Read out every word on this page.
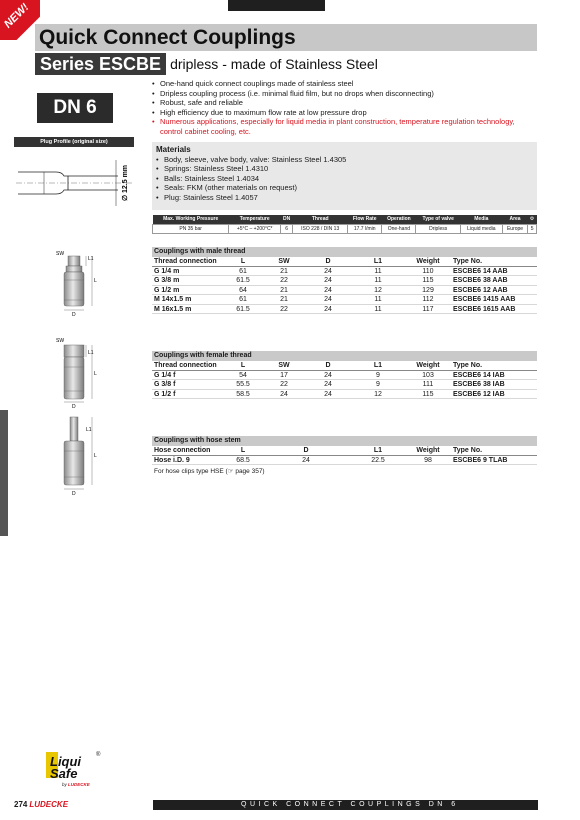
NEW!
Quick Connect Couplings
Series ESCBE dripless - made of Stainless Steel
DN 6
Plug Profile (original size)
∅ 12.5 mm
• One-hand quick connect couplings made of stainless steel
• Dripless coupling process (i.e. minimal fluid film, but no drops when disconnecting)
• Robust, safe and reliable
• High efficiency due to maximum flow rate at low pressure drop
• Numerous applications, especially for liquid media in plant construction, temperature regulation technology, control cabinet cooling, etc.
Materials
• Body, sleeve, valve body, valve: Stainless Steel 1.4305
• Springs: Stainless Steel 1.4310
• Balls: Stainless Steel 1.4034
• Seals: FKM (other materials on request)
• Plug: Stainless Steel 1.4057
Max. Working Pressure	Temperature	DN	Thread	Flow Rate	Operation	Type of valve	Media	Area	⚙
PN 35 bar	+5°C – +200°C*	6	ISO 228 / DIN 13	17.7 l/min	One-hand	Dripless	Liquid media	Europe	5
SW
L1
L
D
Couplings with male thread
Thread connection	L	SW	D	L1	Weight	Type No.
G 1/4 m	61	21	24	11	110	ESCBE6 14 AAB
G 3/8 m	61.5	22	24	11	115	ESCBE6 38 AAB
G 1/2 m	64	21	24	12	129	ESCBE6 12 AAB
M 14x1.5 m	61	21	24	11	112	ESCBE6 1415 AAB
M 16x1.5 m	61.5	22	24	11	117	ESCBE6 1615 AAB
SW
L1
L
D
Couplings with female thread
Thread connection	L	SW	D	L1	Weight	Type No.
G 1/4 f	54	17	24	9	103	ESCBE6 14 IAB
G 3/8 f	55.5	22	24	9	111	ESCBE6 38 IAB
G 1/2 f	58.5	24	24	12	115	ESCBE6 12 IAB
L1
L
D
Couplings with hose stem
Hose connection	L	D	L1	Weight	Type No.
Hose i.D. 9	68.5	24	22.5	98	ESCBE6 9 TLAB
For hose clips type HSE (☞ page 357)
Liqui
Safe
®
by LUDECKE
274 LUDECKE	QUICK CONNECT COUPLINGS DN 6
